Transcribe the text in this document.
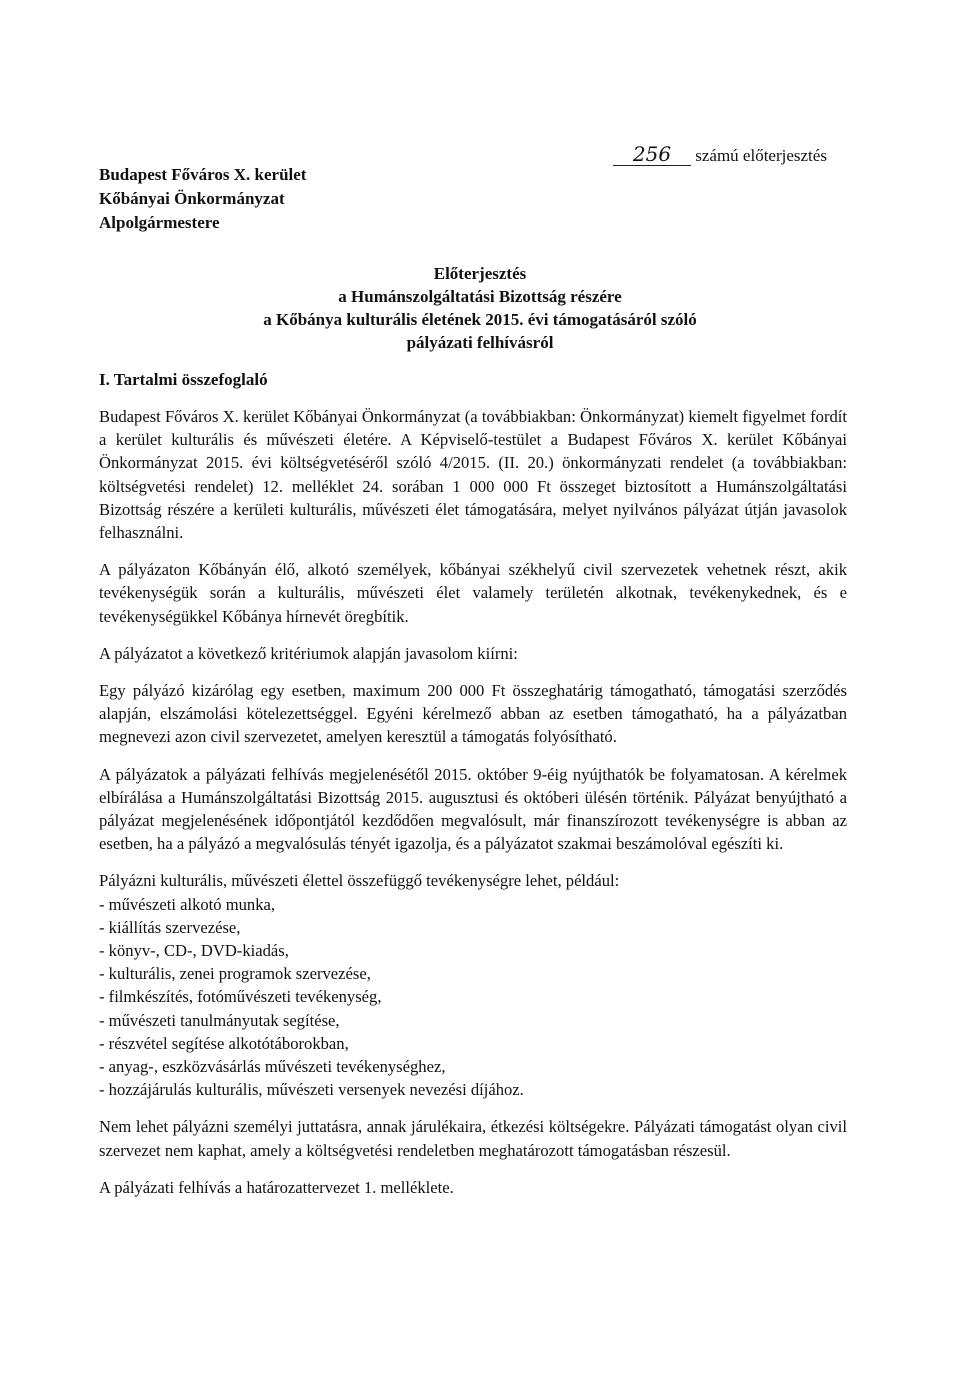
Budapest Főváros X. kerület
Kőbányai Önkormányzat
Alpolgármestere
256 számú előterjesztés
Előterjesztés
a Humánszolgáltatási Bizottság részére
a Kőbánya kulturális életének 2015. évi támogatásáról szóló
pályázati felhívásról
I. Tartalmi összefoglaló

Budapest Főváros X. kerület Kőbányai Önkormányzat (a továbbiakban: Önkormányzat) kiemelt figyelmet fordít a kerület kulturális és művészeti életére. A Képviselő-testület a Budapest Főváros X. kerület Kőbányai Önkormányzat 2015. évi költségvetéséről szóló 4/2015. (II. 20.) önkormányzati rendelet (a továbbiakban: költségvetési rendelet) 12. melléklet 24. sorában 1 000 000 Ft összeget biztosított a Humánszolgáltatási Bizottság részére a kerületi kulturális, művészeti élet támogatására, melyet nyilvános pályázat útján javasolok felhasználni.

A pályázaton Kőbányán élő, alkotó személyek, kőbányai székhelyű civil szervezetek vehetnek részt, akik tevékenységük során a kulturális, művészeti élet valamely területén alkotnak, tevékenykednek, és e tevékenységükkel Kőbánya hírnevét öregbítik.

A pályázatot a következő kritériumok alapján javasolom kiírni:

Egy pályázó kizárólag egy esetben, maximum 200 000 Ft összeghatárig támogatható, támogatási szerződés alapján, elszámolási kötelezettséggel. Egyéni kérelmező abban az esetben támogatható, ha a pályázatban megnevezi azon civil szervezetet, amelyen keresztül a támogatás folyósítható.

A pályázatok a pályázati felhívás megjelenésétől 2015. október 9-éig nyújthatók be folyamatosan. A kérelmek elbírálása a Humánszolgáltatási Bizottság 2015. augusztusi és októberi ülésén történik. Pályázat benyújtható a pályázat megjelenésének időpontjától kezdődően megvalósult, már finanszírozott tevékenységre is abban az esetben, ha a pályázó a megvalósulás tényét igazolja, és a pályázatot szakmai beszámolóval egészíti ki.

Pályázni kulturális, művészeti élettel összefüggő tevékenységre lehet, például:
- művészeti alkotó munka,
- kiállítás szervezése,
- könyv-, CD-, DVD-kiadás,
- kulturális, zenei programok szervezése,
- filmkészítés, fotóművészeti tevékenység,
- művészeti tanulmányutak segítése,
- részvétel segítése alkotótáborokban,
- anyag-, eszközvásárlás művészeti tevékenységhez,
- hozzájárulás kulturális, művészeti versenyek nevezési díjához.

Nem lehet pályázni személyi juttatásra, annak járulékaira, étkezési költségekre. Pályázati támogatást olyan civil szervezet nem kaphat, amely a költségvetési rendeletben meghatározott támogatásban részesül.

A pályázati felhívás a határozattervezet 1. melléklete.
